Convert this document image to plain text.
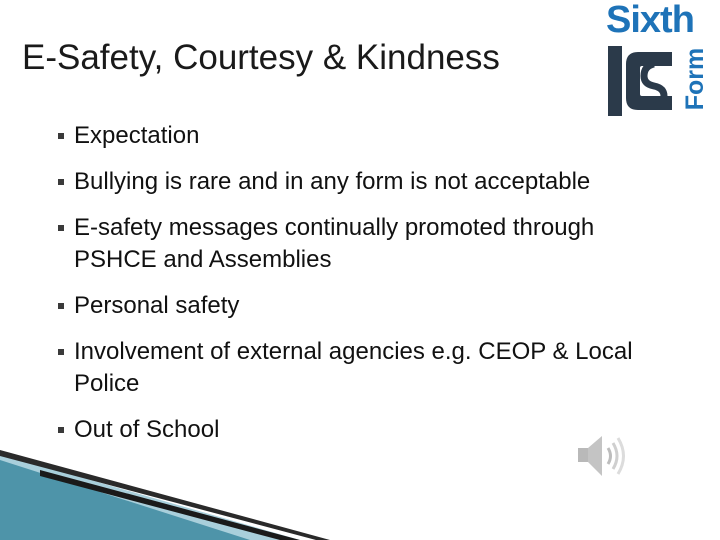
E-Safety, Courtesy & Kindness
Sixth
Form
Expectation
Bullying is rare and in any form is not acceptable
E-safety messages continually promoted through PSHCE and Assemblies
Personal safety
Involvement of external agencies e.g. CEOP & Local Police
Out of School
